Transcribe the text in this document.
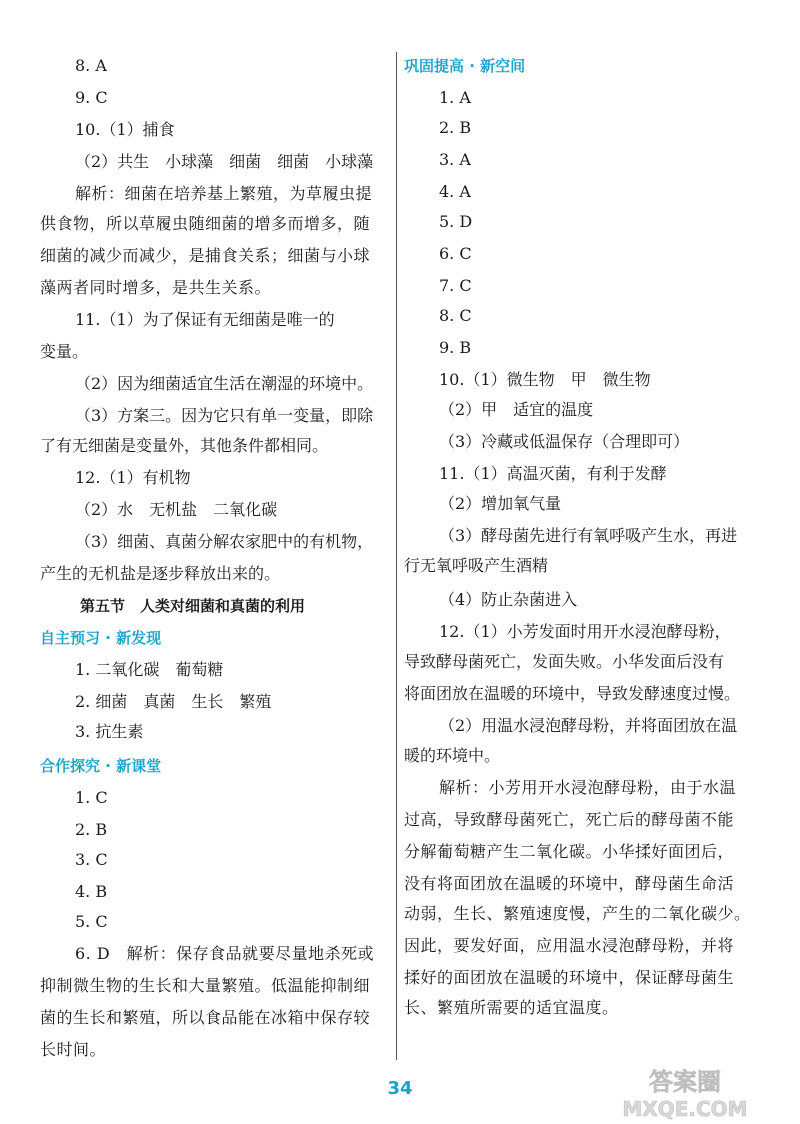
8. A
9. C
10.（1）捕食
（2）共生　小球藻　细菌　细菌　小球藻
解析：细菌在培养基上繁殖，为草履虫提
供食物，所以草履虫随细菌的增多而增多，随
细菌的减少而减少，是捕食关系；细菌与小球
藻两者同时增多，是共生关系。
11.（1）为了保证有无细菌是唯一的
变量。
（2）因为细菌适宜生活在潮湿的环境中。
（3）方案三。因为它只有单一变量，即除
了有无细菌是变量外，其他条件都相同。
12.（1）有机物
（2）水　无机盐　二氧化碳
（3）细菌、真菌分解农家肥中的有机物，
产生的无机盐是逐步释放出来的。
第五节　人类对细菌和真菌的利用
自主预习 · 新发现
1. 二氧化碳　葡萄糖
2. 细菌　真菌　生长　繁殖
3. 抗生素
合作探究 · 新课堂
1. C
2. B
3. C
4. B
5. C
6. D　解析：保存食品就要尽量地杀死或
抑制微生物的生长和大量繁殖。低温能抑制细
菌的生长和繁殖，所以食品能在冰箱中保存较
长时间。
巩固提高 · 新空间
1. A
2. B
3. A
4. A
5. D
6. C
7. C
8. C
9. B
10.（1）微生物　甲　微生物
（2）甲　适宜的温度
（3）冷藏或低温保存（合理即可）
11.（1）高温灭菌，有利于发酵
（2）增加氧气量
（3）酵母菌先进行有氧呼吸产生水，再进
行无氧呼吸产生酒精
（4）防止杂菌进入
12.（1）小芳发面时用开水浸泡酵母粉，
导致酵母菌死亡，发面失败。小华发面后没有
将面团放在温暖的环境中，导致发酵速度过慢。
（2）用温水浸泡酵母粉，并将面团放在温
暖的环境中。
解析：小芳用开水浸泡酵母粉，由于水温
过高，导致酵母菌死亡，死亡后的酵母菌不能
分解葡萄糖产生二氧化碳。小华揉好面团后，
没有将面团放在温暖的环境中，酵母菌生命活
动弱，生长、繁殖速度慢，产生的二氧化碳少。
因此，要发好面，应用温水浸泡酵母粉，并将
揉好的面团放在温暖的环境中，保证酵母菌生
长、繁殖所需要的适宜温度。
34	答案圈
MXQE.COM
